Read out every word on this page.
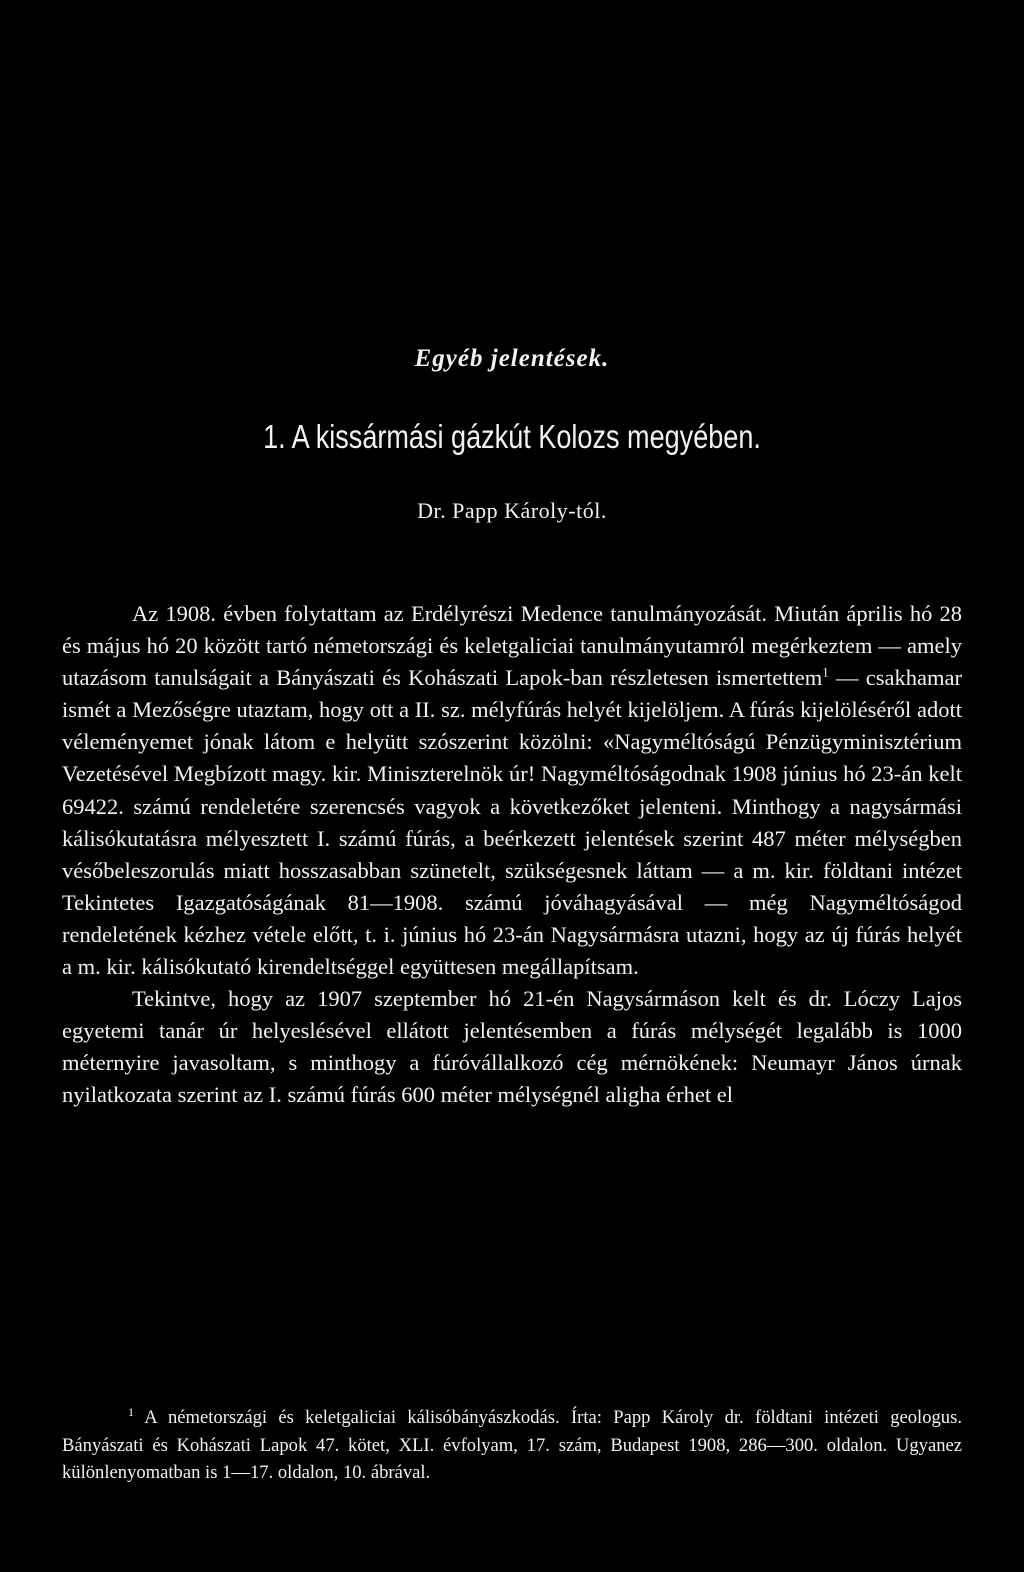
Egyéb jelentések.
1. A kissármási gázkút Kolozs megyében.
Dr. Papp Károly-tól.

Az 1908. évben folytattam az Erdélyrészi Medence tanulmányozását. Miután április hó 28 és május hó 20 között tartó németországi és keletgaliciai tanulmányutamról megérkeztem — amely utazásom tanulságait a Bányászati és Kohászati Lapok-ban részletesen ismertettem$^1$ — csakhamar ismét a Mezőségre utaztam, hogy ott a II. sz. mélyfúrás helyét kijelöljem. A fúrás kijelöléséről adott véleményemet jónak látom e helyütt szószerint közölni: «Nagyméltóságú Pénzügyminisztérium Vezetésével Megbízott magy. kir. Miniszterelnök úr! Nagyméltóságodnak 1908 június hó 23-án kelt 69422. számú rendeletére szerencsés vagyok a következőket jelenteni. Minthogy a nagysármási kálisókutatásra mélyesztett I. számú fúrás, a beérkezett jelentések szerint 487 méter mélységben vésőbeleszorulás miatt hosszasabban szünetelt, szükségesnek láttam — a m. kir. földtani intézet Tekintetes Igazgatóságának 81—1908. számú jóváhagyásával — még Nagyméltóságod rendeletének kézhez vétele előtt, t. i. június hó 23-án Nagysármásra utazni, hogy az új fúrás helyét a m. kir. kálisókutató kirendeltséggel együttesen megállapítsam.

Tekintve, hogy az 1907 szeptember hó 21-én Nagysármáson kelt és dr. Lóczy Lajos egyetemi tanár úr helyeslésével ellátott jelentésemben a fúrás mélységét legalább is 1000 méternyire javasoltam, s minthogy a fúróvállalkozó cég mérnökének: Neumayr János úrnak nyilatkozata szerint az I. számú fúrás 600 méter mélységnél aligha érhet el

$^1$ A németországi és keletgaliciai kálisóbányászkodás. Írta: Papp Károly dr. földtani intézeti geologus. Bányászati és Kohászati Lapok 47. kötet, XLI. évfolyam, 17. szám, Budapest 1908, 286—300. oldalon. Ugyanez különlenyomatban is 1—17. oldalon, 10. ábrával.
